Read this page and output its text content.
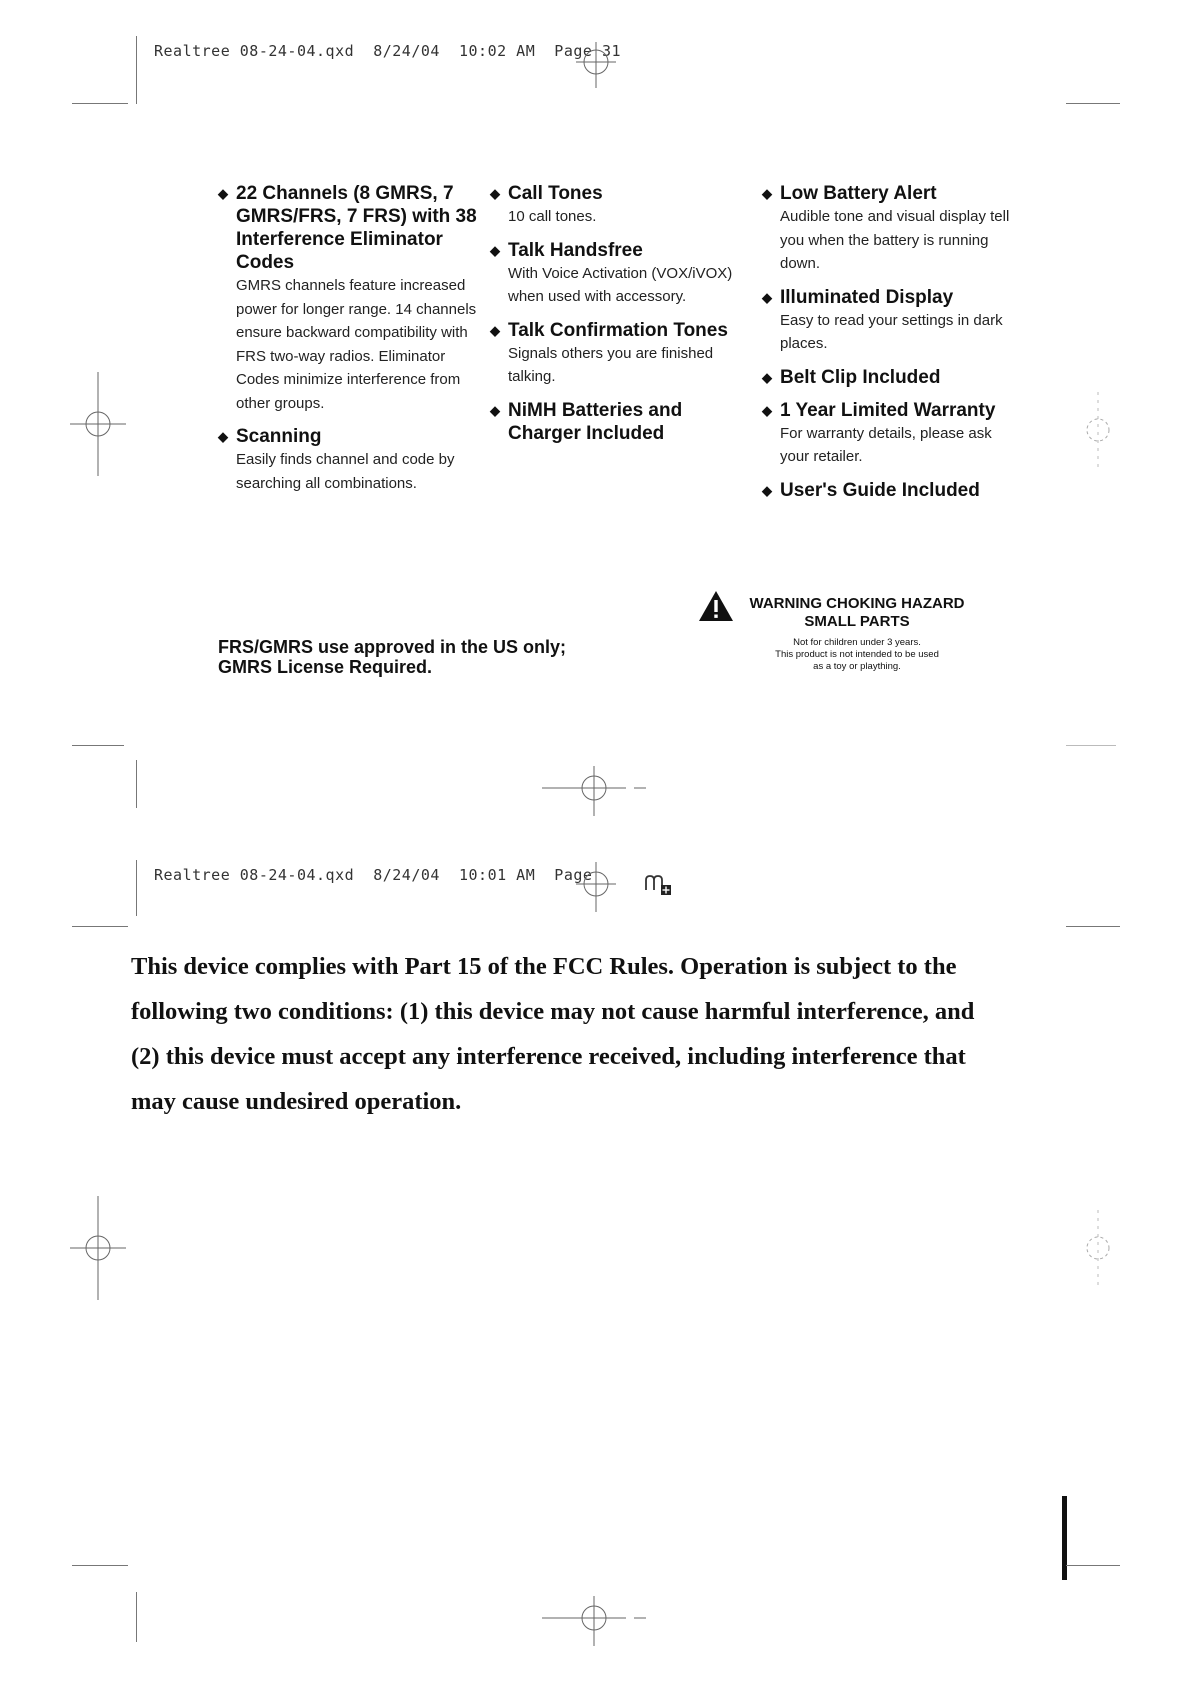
Realtree 08-24-04.qxd  8/24/04  10:02 AM  Page 31
◆ 22 Channels (8 GMRS, 7 GMRS/FRS, 7 FRS) with 38 Interference Eliminator Codes
GMRS channels feature increased power for longer range. 14 channels ensure backward compatibility with FRS two-way radios. Eliminator Codes minimize interference from other groups.
◆ Scanning
Easily finds channel and code by searching all combinations.
◆ Call Tones
10 call tones.
◆ Talk Handsfree
With Voice Activation (VOX/iVOX) when used with accessory.
◆ Talk Confirmation Tones
Signals others you are finished talking.
◆ NiMH Batteries and Charger Included
◆ Low Battery Alert
Audible tone and visual display tell you when the battery is running down.
◆ Illuminated Display
Easy to read your settings in dark places.
◆ Belt Clip Included
◆ 1 Year Limited Warranty
For warranty details, please ask your retailer.
◆ User's Guide Included
WARNING CHOKING HAZARD
SMALL PARTS
Not for children under 3 years.
This product is not intended to be used
as a toy or plaything.
FRS/GMRS use approved in the US only;
GMRS License Required.
Realtree 08-24-04.qxd  8/24/04  10:01 AM  Page

This device complies with Part 15 of the FCC Rules. Operation is subject to the

following two conditions: (1) this device may not cause harmful interference, and

(2) this device must accept any interference received, including interference that

may cause undesired operation.
